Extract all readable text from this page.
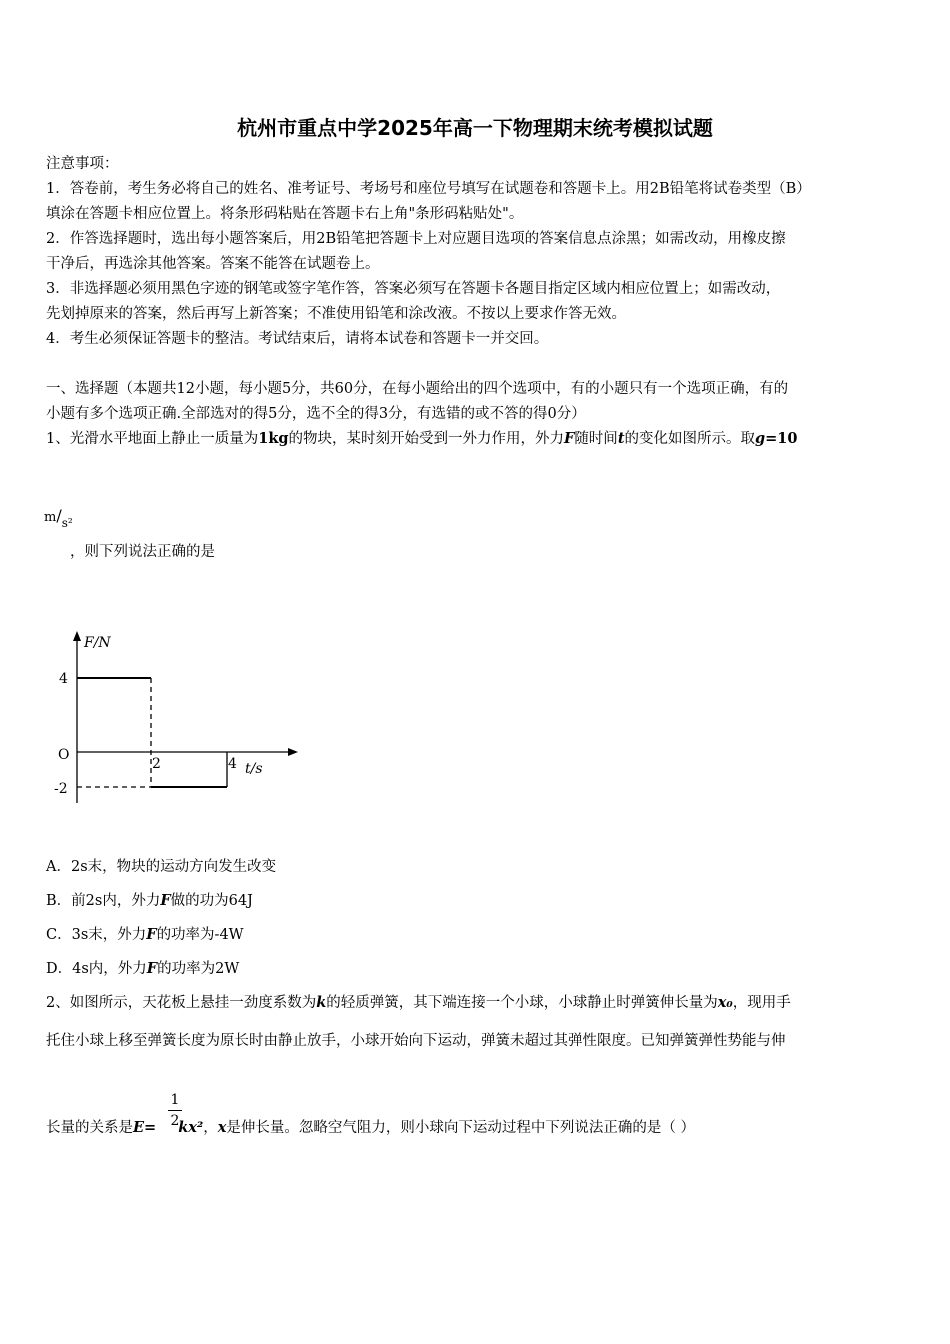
杭州市重点中学2025年高一下物理期末统考模拟试题
注意事项：
1．答卷前，考生务必将自己的姓名、准考证号、考场号和座位号填写在试题卷和答题卡上。用2B铅笔将试卷类型（B）
填涂在答题卡相应位置上。将条形码粘贴在答题卡右上角"条形码粘贴处"。
2．作答选择题时，选出每小题答案后，用2B铅笔把答题卡上对应题目选项的答案信息点涂黑；如需改动，用橡皮擦
干净后，再选涂其他答案。答案不能答在试题卷上。
3．非选择题必须用黑色字迹的钢笔或签字笔作答，答案必须写在答题卡各题目指定区域内相应位置上；如需改动，
先划掉原来的答案，然后再写上新答案；不准使用铅笔和涂改液。不按以上要求作答无效。
4．考生必须保证答题卡的整洁。考试结束后，请将本试卷和答题卡一并交回。
一、选择题（本题共12小题，每小题5分，共60分，在每小题给出的四个选项中，有的小题只有一个选项正确，有的
小题有多个选项正确.全部选对的得5分，选不全的得3分，有选错的或不答的得0分）
1、光滑水平地面上静止一质量为1kg的物块，某时刻开始受到一外力作用，外力F随时间t的变化如图所示。取g=10
m/s²
，则下列说法正确的是
F/N
t/s
O
4
-2
2	4
A．2s末，物块的运动方向发生改变
B．前2s内，外力F做的功为64J
C．3s末，外力F的功率为-4W
D．4s内，外力F的功率为2W
2、如图所示，天花板上悬挂一劲度系数为k的轻质弹簧，其下端连接一个小球，小球静止时弹簧伸长量为x₀，现用手
托住小球上移至弹簧长度为原长时由静止放手，小球开始向下运动，弹簧未超过其弹性限度。已知弹簧弹性势能与伸
1
2
长量的关系是E= kx²，x是伸长量。忽略空气阻力，则小球向下运动过程中下列说法正确的是（ ）
